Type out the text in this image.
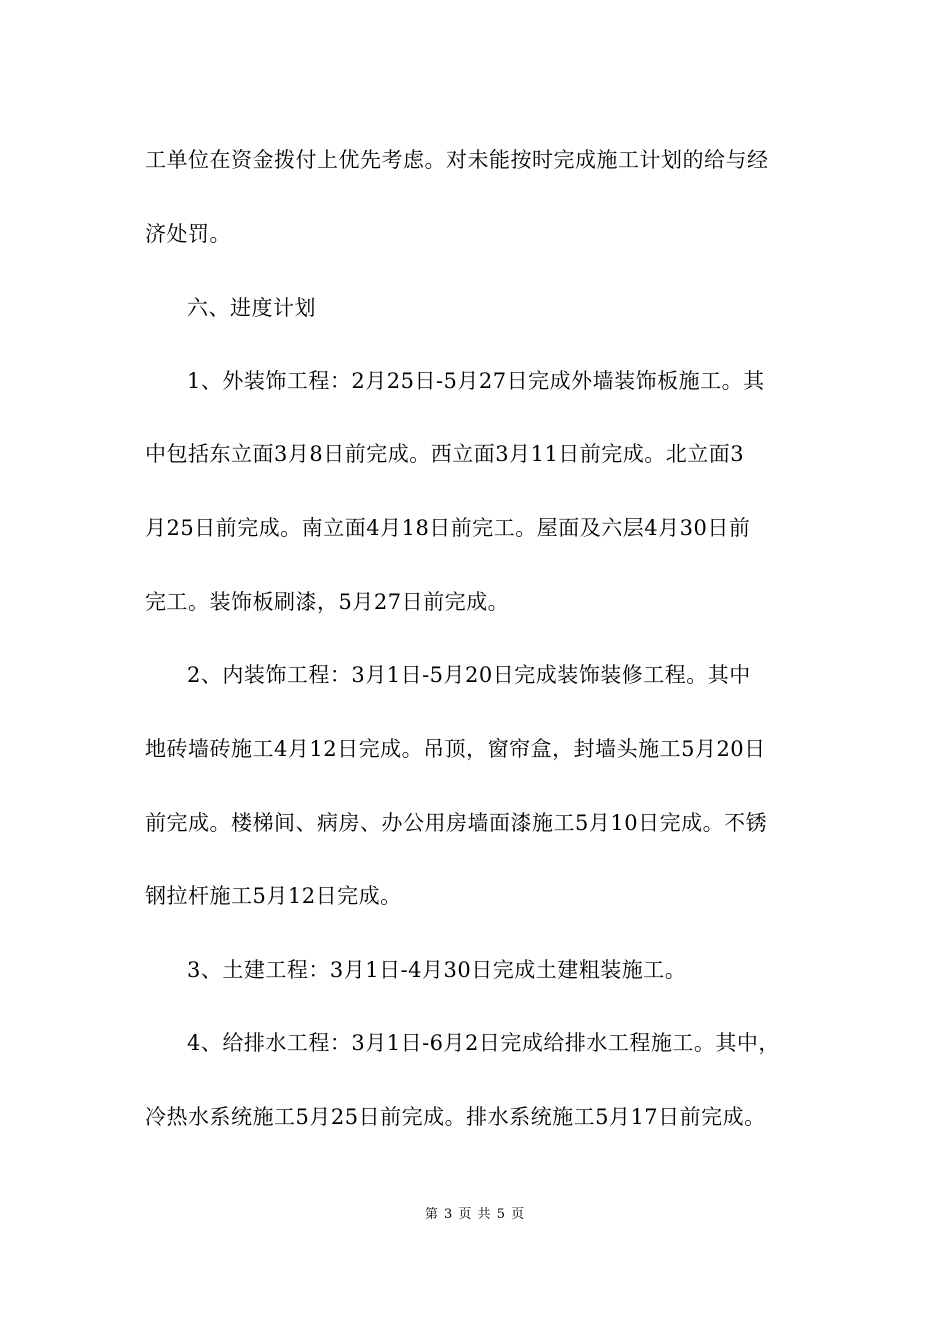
工单位在资金拨付上优先考虑。对未能按时完成施工计划的给与经
济处罚。
六、进度计划
1、外装饰工程：2月25日-5月27日完成外墙装饰板施工。其
中包括东立面3月8日前完成。西立面3月11日前完成。北立面3
月25日前完成。南立面4月18日前完工。屋面及六层4月30日前
完工。装饰板刷漆，5月27日前完成。
2、内装饰工程：3月1日-5月20日完成装饰装修工程。其中
地砖墙砖施工4月12日完成。吊顶，窗帘盒，封墙头施工5月20日
前完成。楼梯间、病房、办公用房墙面漆施工5月10日完成。不锈
钢拉杆施工5月12日完成。
3、土建工程：3月1日-4月30日完成土建粗装施工。
4、给排水工程：3月1日-6月2日完成给排水工程施工。其中，
冷热水系统施工5月25日前完成。排水系统施工5月17日前完成。
第 3 页 共 5 页
